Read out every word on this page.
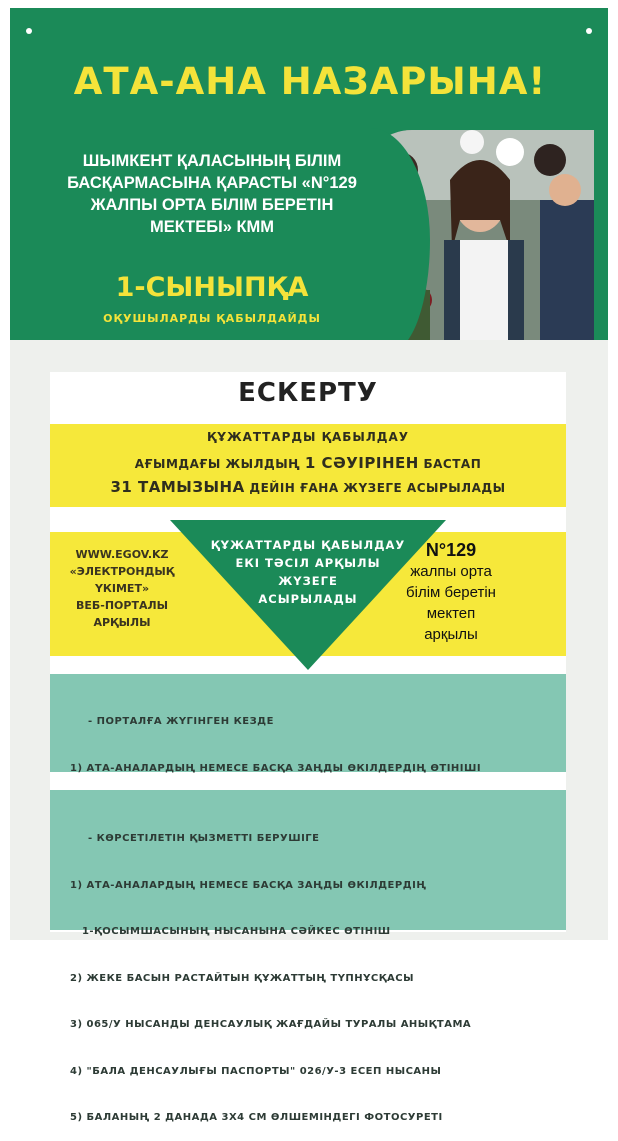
АТА-АНА НАЗАРЫНА!
ШЫМКЕНТ ҚАЛАСЫНЫҢ БІЛІМ
БАСҚАРМАСЫНА ҚАРАСТЫ «N°129
ЖАЛПЫ ОРТА БІЛІМ БЕРЕТІН
МЕКТЕБІ» КММ
1-СЫНЫПҚА
ОҚУШЫЛАРДЫ ҚАБЫЛДАЙДЫ
ЕСКЕРТУ
ҚҰЖАТТАРДЫ ҚАБЫЛДАУ
АҒЫМДАҒЫ ЖЫЛДЫҢ 1 СӘУІРІНЕН БАСТАП
31 ТАМЫЗЫНА ДЕЙІН ҒАНА ЖҮЗЕГЕ АСЫРЫЛАДЫ
ҚҰЖАТТАРДЫ ҚАБЫЛДАУ
ЕКІ ТӘСІЛ АРҚЫЛЫ
ЖҮЗЕГЕ
АСЫРЫЛАДЫ
WWW.EGOV.KZ
«ЭЛЕКТРОНДЫҚ
ҮКІМЕТ»
ВЕБ-ПОРТАЛЫ
АРҚЫЛЫ
N°129
жалпы орта
білім беретін мектеп
арқылы

- ПОРТАЛҒА ЖҮГІНГЕН КЕЗДЕ

1) АТА-АНАЛАРДЫҢ НЕМЕСЕ БАСҚА ЗАҢДЫ ӨКІЛДЕРДІҢ ӨТІНІШІ

- КӨРСЕТІЛЕТІН ҚЫЗМЕТТІ БЕРУШІГЕ

1) АТА-АНАЛАРДЫҢ НЕМЕСЕ БАСҚА ЗАҢДЫ ӨКІЛДЕРДІҢ

1-ҚОСЫМШАСЫНЫҢ НЫСАНЫНА СӘЙКЕС ӨТІНІШ

2) ЖЕКЕ БАСЫН РАСТАЙТЫН ҚҰЖАТТЫҢ ТҮПНҰСҚАСЫ

3) 065/У НЫСАНДЫ ДЕНСАУЛЫҚ ЖАҒДАЙЫ ТУРАЛЫ АНЫҚТАМА

4) "БАЛА ДЕНСАУЛЫҒЫ ПАСПОРТЫ" 026/У-3 ЕСЕП НЫСАНЫ

5) БАЛАНЫҢ 2 ДАНАДА 3Х4 СМ ӨЛШЕМІНДЕГІ ФОТОСУРЕТІ
